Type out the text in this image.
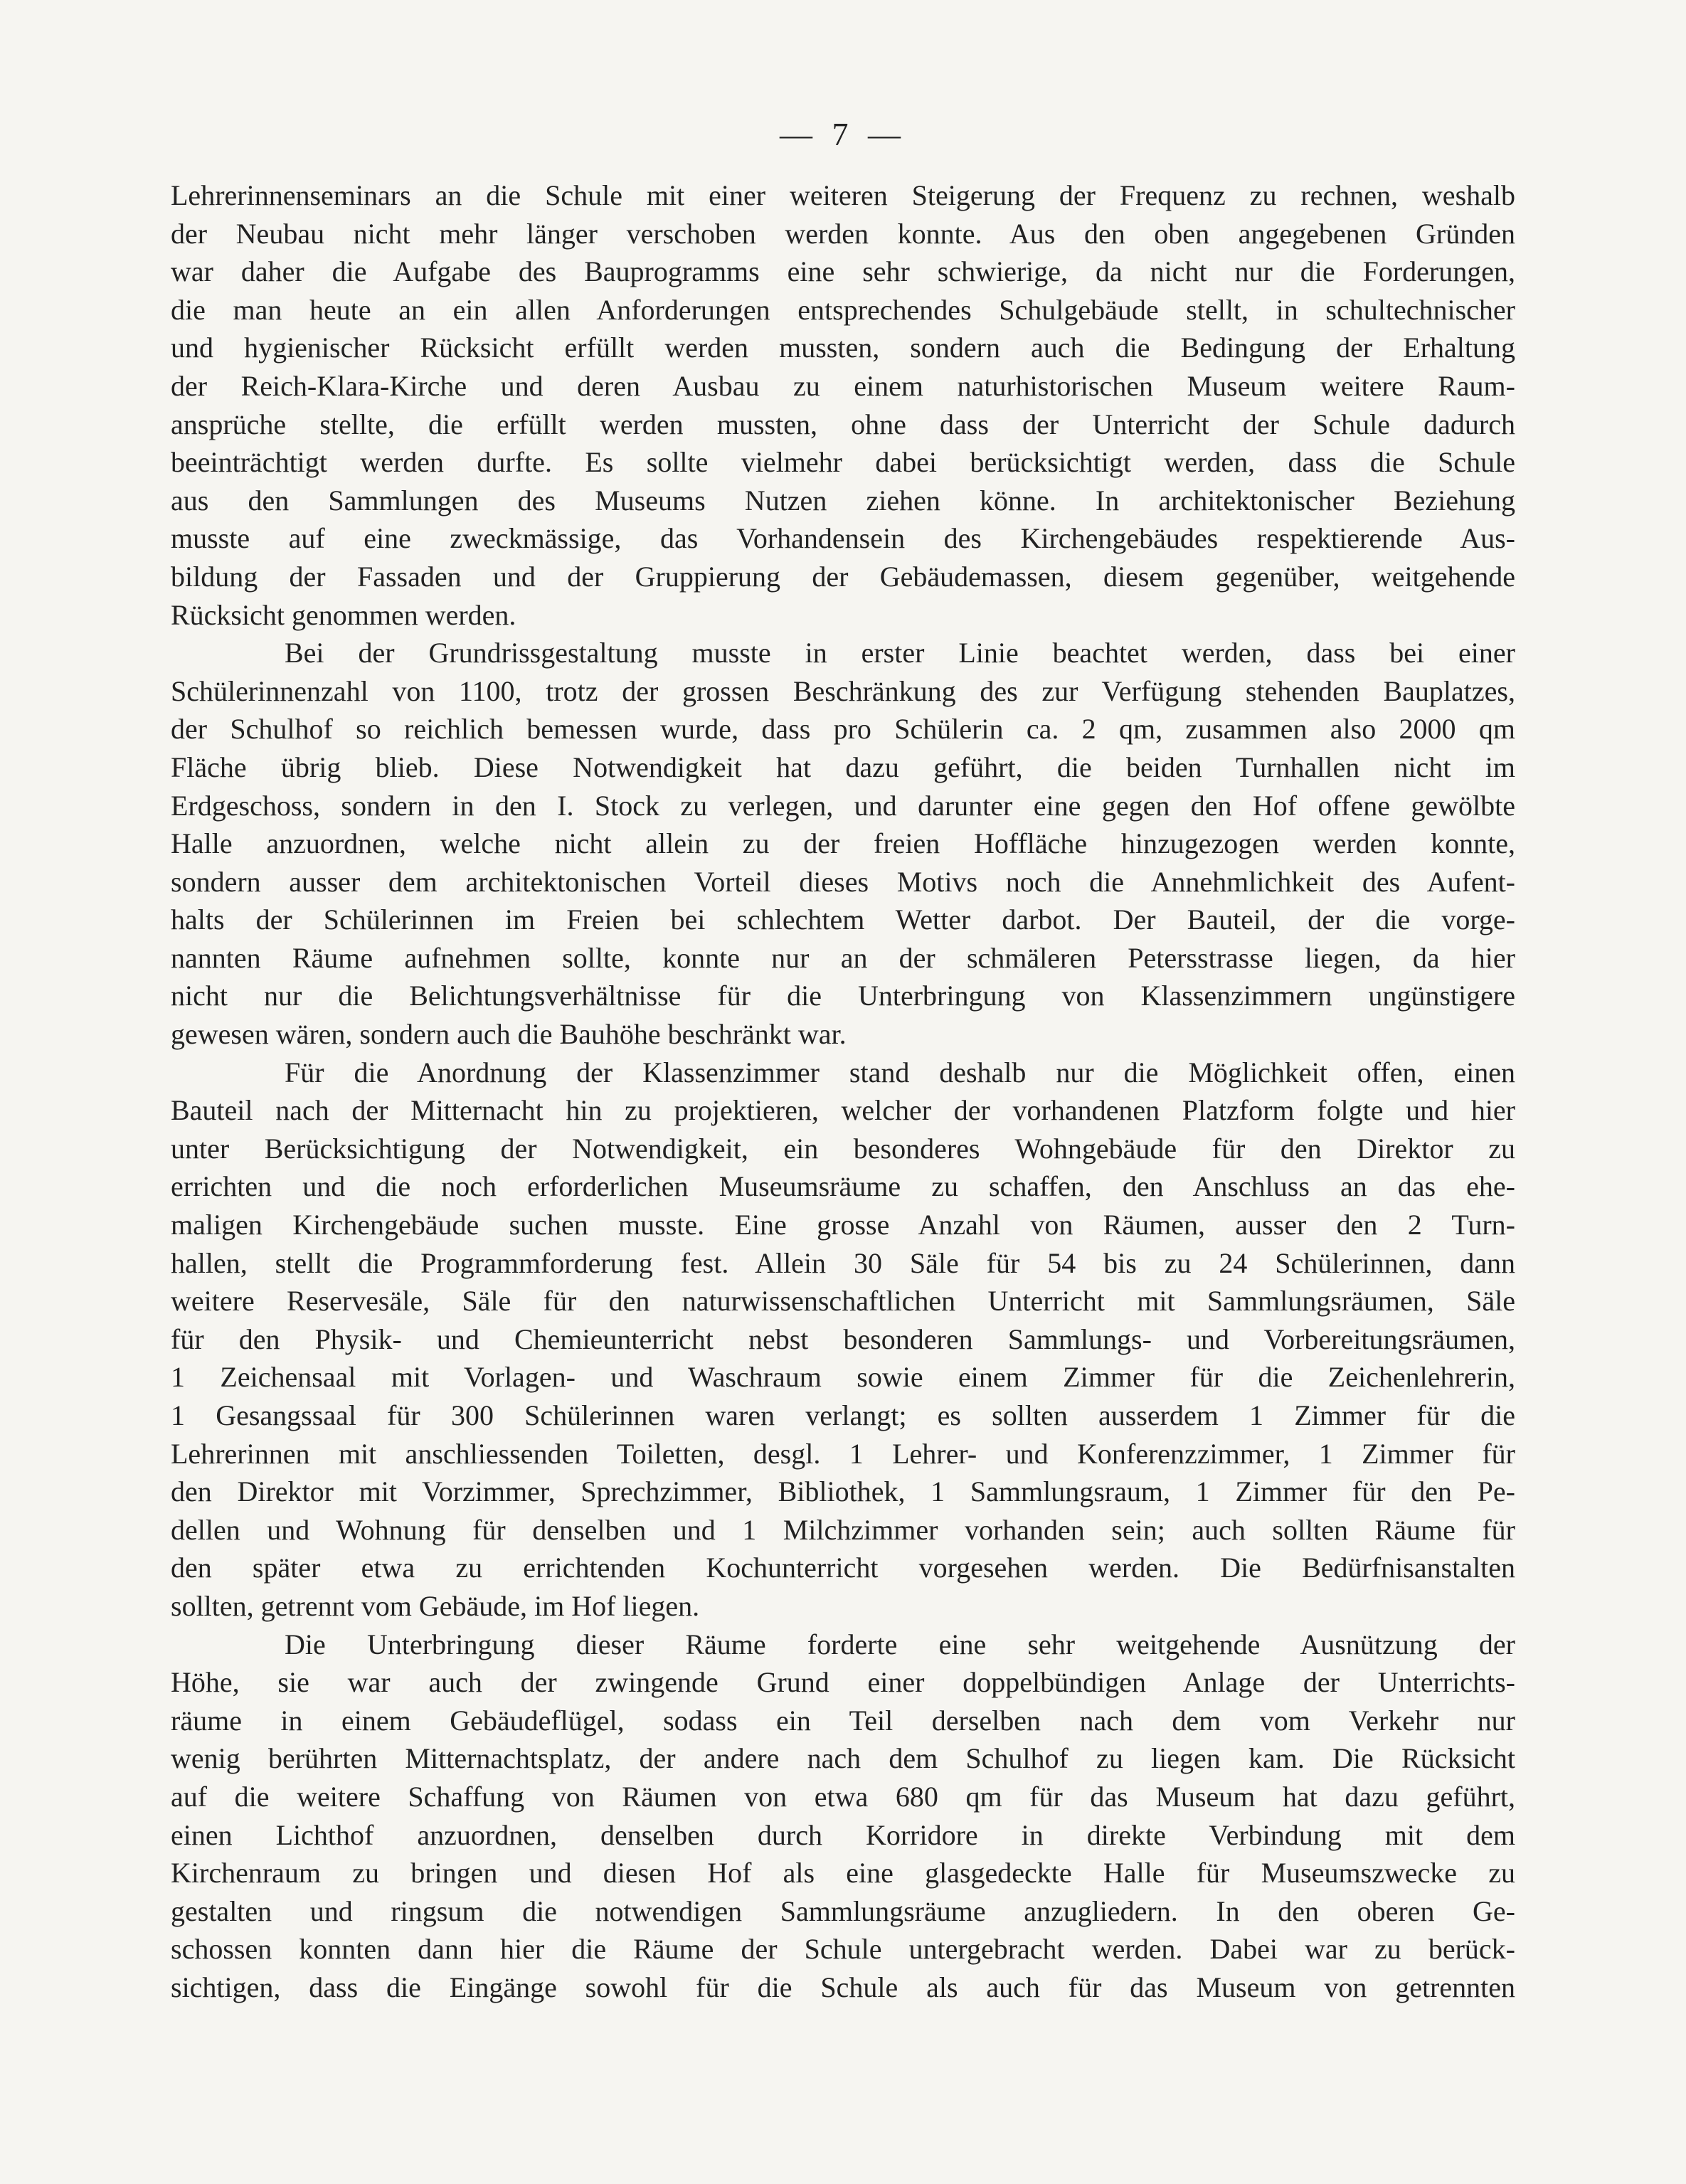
— 7 —

Lehrerinnenseminars an die Schule mit einer weiteren Steigerung der Frequenz zu rechnen, weshalb
der Neubau nicht mehr länger verschoben werden konnte. Aus den oben angegebenen Gründen
war daher die Aufgabe des Bauprogramms eine sehr schwierige, da nicht nur die Forderungen,
die man heute an ein allen Anforderungen entsprechendes Schulgebäude stellt, in schultechnischer
und hygienischer Rücksicht erfüllt werden mussten, sondern auch die Bedingung der Erhaltung
der Reich-Klara-Kirche und deren Ausbau zu einem naturhistorischen Museum weitere Raum-
ansprüche stellte, die erfüllt werden mussten, ohne dass der Unterricht der Schule dadurch
beeinträchtigt werden durfte. Es sollte vielmehr dabei berücksichtigt werden, dass die Schule
aus den Sammlungen des Museums Nutzen ziehen könne. In architektonischer Beziehung
musste auf eine zweckmässige, das Vorhandensein des Kirchengebäudes respektierende Aus-
bildung der Fassaden und der Gruppierung der Gebäudemassen, diesem gegenüber, weitgehende
Rücksicht genommen werden.

Bei der Grundrissgestaltung musste in erster Linie beachtet werden, dass bei einer
Schülerinnenzahl von 1100, trotz der grossen Beschränkung des zur Verfügung stehenden Bauplatzes,
der Schulhof so reichlich bemessen wurde, dass pro Schülerin ca. 2 qm, zusammen also 2000 qm
Fläche übrig blieb. Diese Notwendigkeit hat dazu geführt, die beiden Turnhallen nicht im
Erdgeschoss, sondern in den I. Stock zu verlegen, und darunter eine gegen den Hof offene gewölbte
Halle anzuordnen, welche nicht allein zu der freien Hoffläche hinzugezogen werden konnte,
sondern ausser dem architektonischen Vorteil dieses Motivs noch die Annehmlichkeit des Aufent-
halts der Schülerinnen im Freien bei schlechtem Wetter darbot. Der Bauteil, der die vorge-
nannten Räume aufnehmen sollte, konnte nur an der schmäleren Petersstrasse liegen, da hier
nicht nur die Belichtungsverhältnisse für die Unterbringung von Klassenzimmern ungünstigere
gewesen wären, sondern auch die Bauhöhe beschränkt war.

Für die Anordnung der Klassenzimmer stand deshalb nur die Möglichkeit offen, einen
Bauteil nach der Mitternacht hin zu projektieren, welcher der vorhandenen Platzform folgte und hier
unter Berücksichtigung der Notwendigkeit, ein besonderes Wohngebäude für den Direktor zu
errichten und die noch erforderlichen Museumsräume zu schaffen, den Anschluss an das ehe-
maligen Kirchengebäude suchen musste. Eine grosse Anzahl von Räumen, ausser den 2 Turn-
hallen, stellt die Programmforderung fest. Allein 30 Säle für 54 bis zu 24 Schülerinnen, dann
weitere Reservesäle, Säle für den naturwissenschaftlichen Unterricht mit Sammlungsräumen, Säle
für den Physik- und Chemieunterricht nebst besonderen Sammlungs- und Vorbereitungsräumen,
1 Zeichensaal mit Vorlagen- und Waschraum sowie einem Zimmer für die Zeichenlehrerin,
1 Gesangssaal für 300 Schülerinnen waren verlangt; es sollten ausserdem 1 Zimmer für die
Lehrerinnen mit anschliessenden Toiletten, desgl. 1 Lehrer- und Konferenzzimmer, 1 Zimmer für
den Direktor mit Vorzimmer, Sprechzimmer, Bibliothek, 1 Sammlungsraum, 1 Zimmer für den Pe-
dellen und Wohnung für denselben und 1 Milchzimmer vorhanden sein; auch sollten Räume für
den später etwa zu errichtenden Kochunterricht vorgesehen werden. Die Bedürfnisanstalten
sollten, getrennt vom Gebäude, im Hof liegen.

Die Unterbringung dieser Räume forderte eine sehr weitgehende Ausnützung der
Höhe, sie war auch der zwingende Grund einer doppelbündigen Anlage der Unterrichts-
räume in einem Gebäudeflügel, sodass ein Teil derselben nach dem vom Verkehr nur
wenig berührten Mitternachtsplatz, der andere nach dem Schulhof zu liegen kam. Die Rücksicht
auf die weitere Schaffung von Räumen von etwa 680 qm für das Museum hat dazu geführt,
einen Lichthof anzuordnen, denselben durch Korridore in direkte Verbindung mit dem
Kirchenraum zu bringen und diesen Hof als eine glasgedeckte Halle für Museumszwecke zu
gestalten und ringsum die notwendigen Sammlungsräume anzugliedern. In den oberen Ge-
schossen konnten dann hier die Räume der Schule untergebracht werden. Dabei war zu berück-
sichtigen, dass die Eingänge sowohl für die Schule als auch für das Museum von getrennten
